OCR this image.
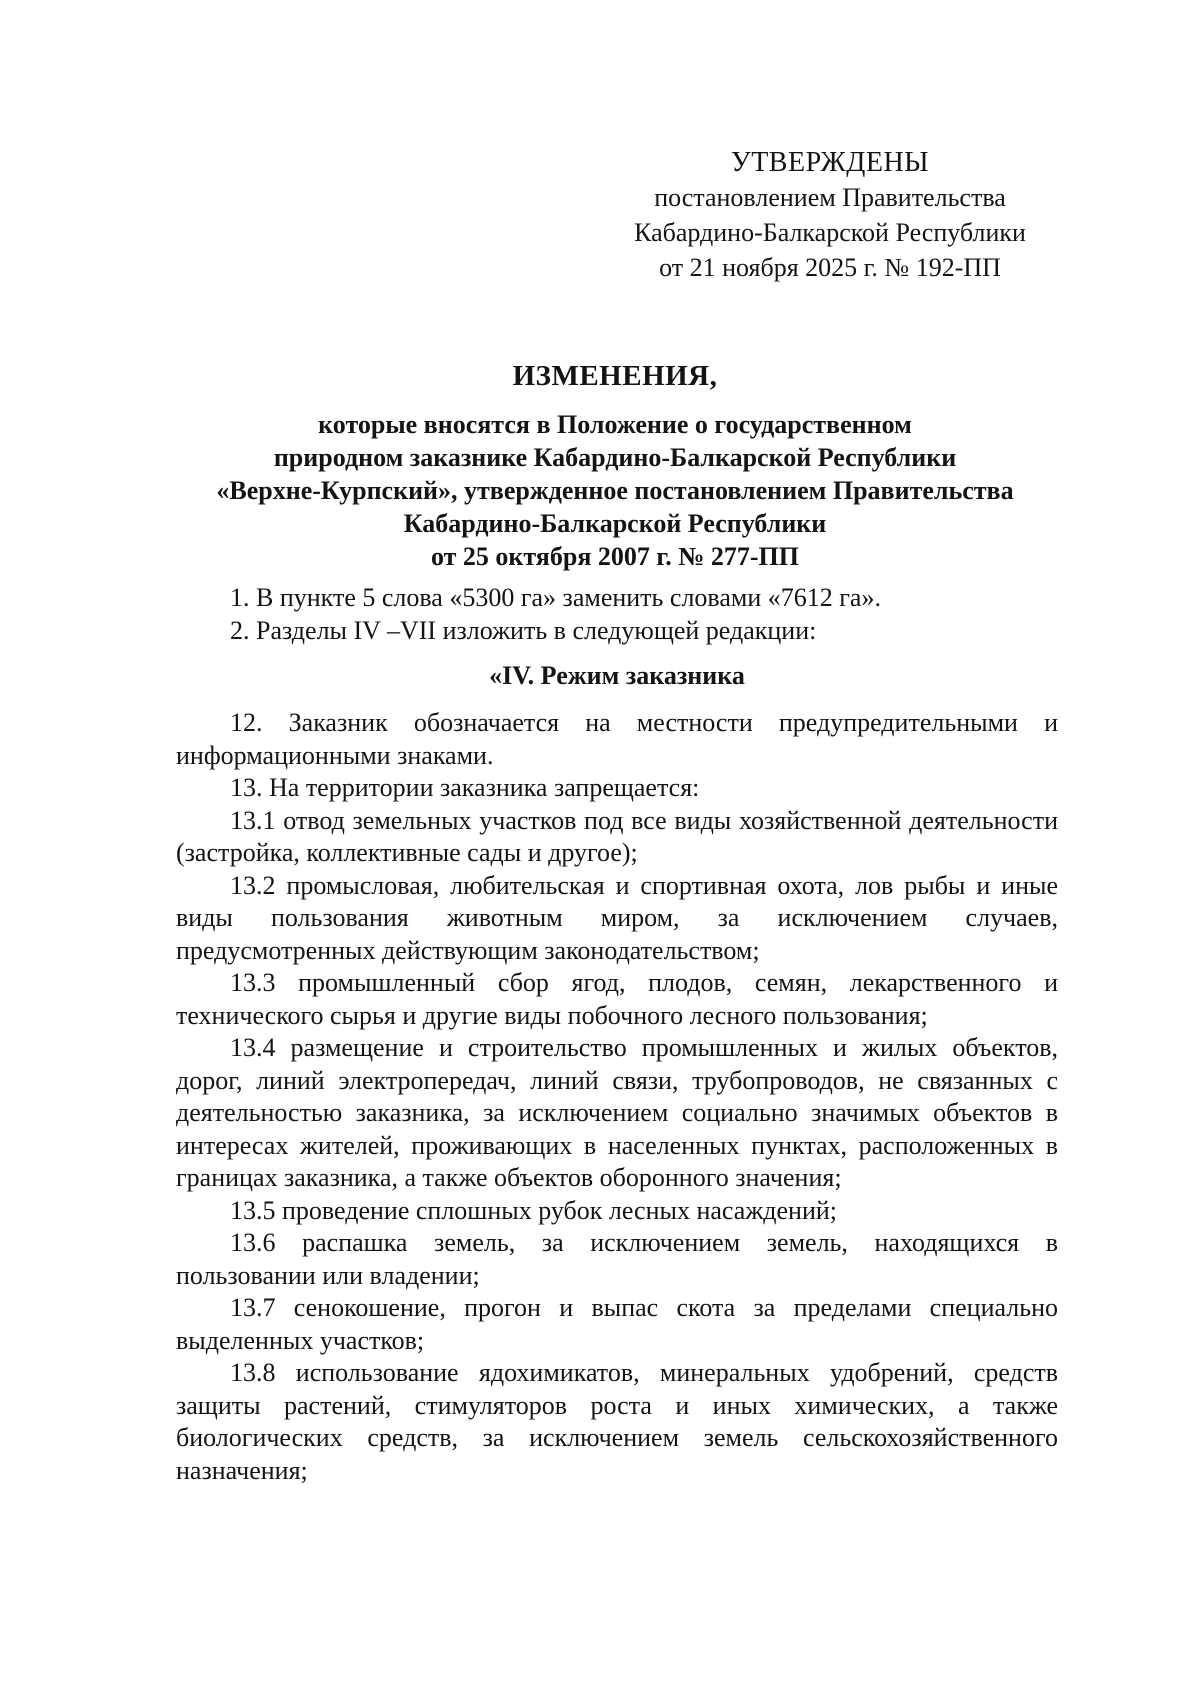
УТВЕРЖДЕНЫ
постановлением Правительства
Кабардино-Балкарской Республики
от 21 ноября 2025 г. № 192-ПП
ИЗМЕНЕНИЯ,
которые вносятся в Положение о государственном
природном заказнике Кабардино-Балкарской Республики
«Верхне-Курпский», утвержденное постановлением Правительства
Кабардино-Балкарской Республики
от 25 октября 2007 г. № 277-ПП

1. В пункте 5 слова «5300 га» заменить словами «7612 га».

2. Разделы IV –VII изложить в следующей редакции:

«IV. Режим заказника

12. Заказник обозначается на местности предупредительными и информационными знаками.

13. На территории заказника запрещается:

13.1 отвод земельных участков под все виды хозяйственной деятельности (застройка, коллективные сады и другое);

13.2 промысловая, любительская и спортивная охота, лов рыбы и иные виды пользования животным миром, за исключением случаев, предусмотренных действующим законодательством;

13.3 промышленный сбор ягод, плодов, семян, лекарственного и технического сырья и другие виды побочного лесного пользования;

13.4 размещение и строительство промышленных и жилых объектов, дорог, линий электропередач, линий связи, трубопроводов, не связанных с деятельностью заказника, за исключением социально значимых объектов в интересах жителей, проживающих в населенных пунктах, расположенных в границах заказника, а также объектов оборонного значения;

13.5 проведение сплошных рубок лесных насаждений;

13.6 распашка земель, за исключением земель, находящихся в пользовании или владении;

13.7 сенокошение, прогон и выпас скота за пределами специально выделенных участков;

13.8 использование ядохимикатов, минеральных удобрений, средств защиты растений, стимуляторов роста и иных химических, а также биологических средств, за исключением земель сельскохозяйственного назначения;
